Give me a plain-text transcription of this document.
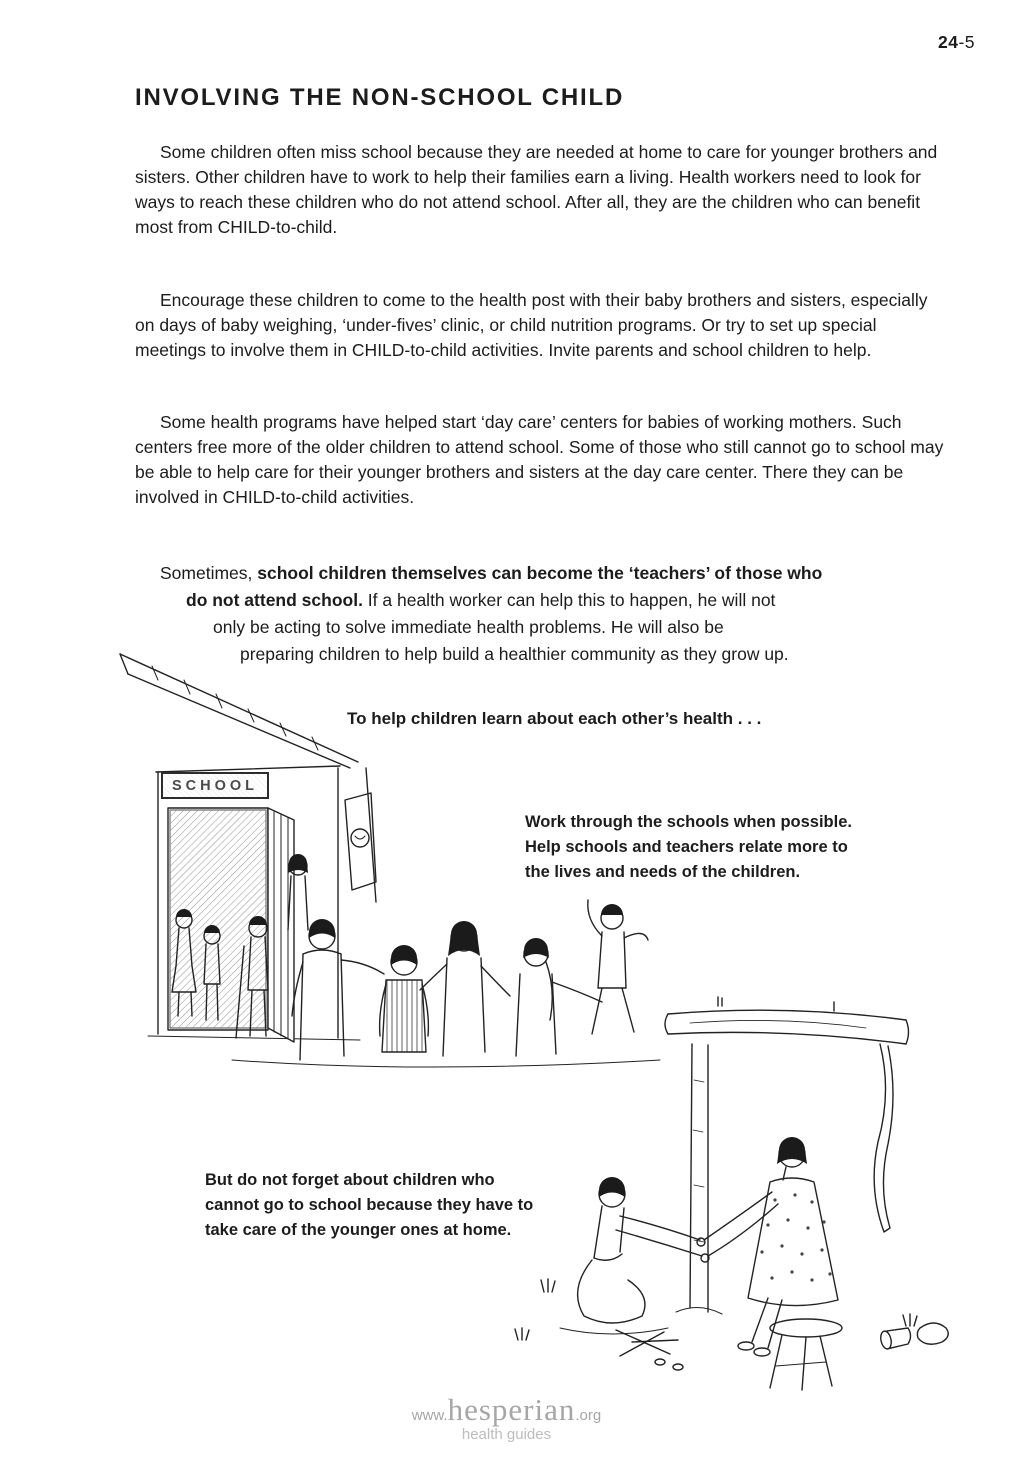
24-5
INVOLVING THE NON-SCHOOL CHILD

Some children often miss school because they are needed at home to care for younger brothers and sisters. Other children have to work to help their families earn a living. Health workers need to look for ways to reach these children who do not attend school. After all, they are the children who can benefit most from CHILD-to-child.

Encourage these children to come to the health post with their baby brothers and sisters, especially on days of baby weighing, ‘under-fives’ clinic, or child nutrition programs. Or try to set up special meetings to involve them in CHILD-to-child activities. Invite parents and school children to help.

Some health programs have helped start ‘day care’ centers for babies of working mothers. Such centers free more of the older children to attend school. Some of those who still cannot go to school may be able to help care for their younger brothers and sisters at the day care center. There they can be involved in CHILD-to-child activities.

Sometimes, school children themselves can become the ‘teachers’ of those who
do not attend school. If a health worker can help this to happen, he will not
only be acting to solve immediate health problems. He will also be
preparing children to help build a healthier community as they grow up.
To help children learn about each other’s health . . .
SCHOOL
Work through the schools when possible.
Help schools and teachers relate more to
the lives and needs of the children.
But do not forget about children who
cannot go to school because they have to
take care of the younger ones at home.
www.hesperian.org
health guides
